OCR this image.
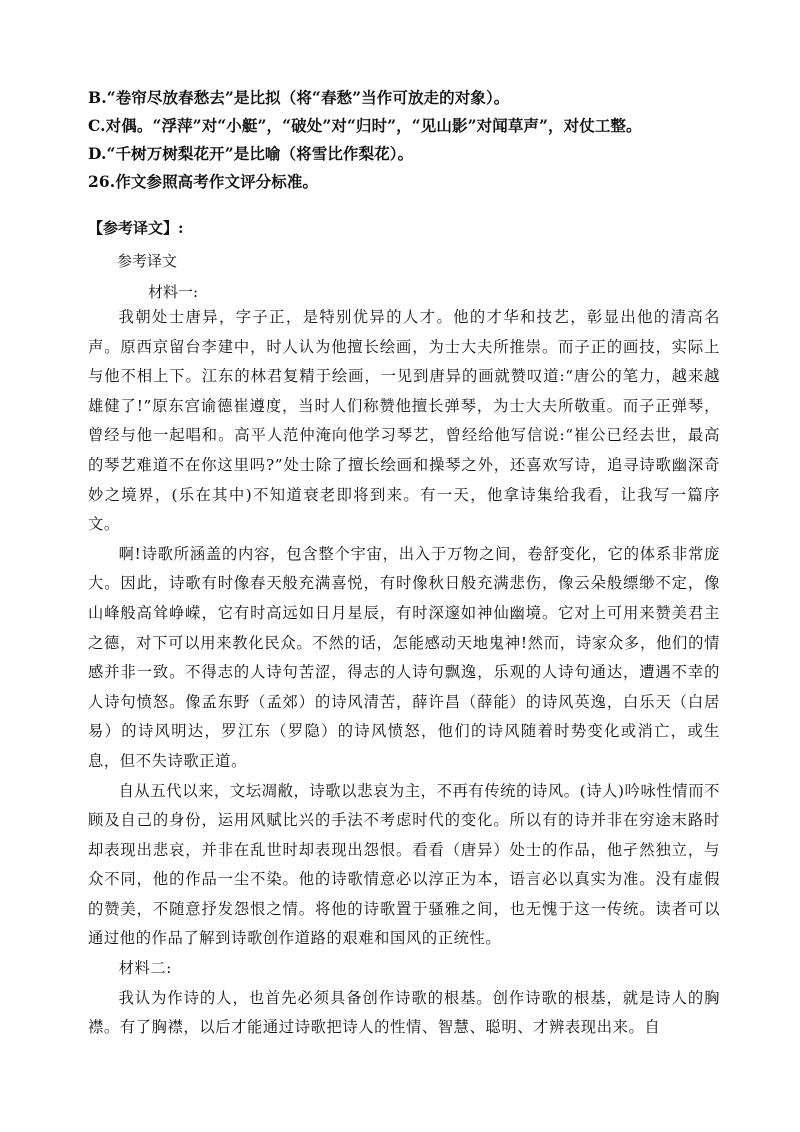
B.“卷帘尽放春愁去”是比拟（将“春愁”当作可放走的对象）。
C.对偶。“浮萍”对“小艇”，“破处”对“归时”，“见山影”对闻草声”，对仗工整。
D.“千树万树梨花开”是比喻（将雪比作梨花）。
26.作文参照高考作文评分标准。
【参考译文】:
参考译文
材料一:

我朝处士唐异，字子正，是特别优异的人才。他的才华和技艺，彰显出他的清高名声。原西京留台李建中，时人认为他擅长绘画，为士大夫所推崇。而子正的画技，实际上与他不相上下。江东的林君复精于绘画，一见到唐异的画就赞叹道:“唐公的笔力，越来越雄健了!”原东宫谕德崔遵度，当时人们称赞他擅长弹琴，为士大夫所敬重。而子正弹琴，曾经与他一起唱和。高平人范仲淹向他学习琴艺，曾经给他写信说:“崔公已经去世，最高的琴艺难道不在你这里吗?”处士除了擅长绘画和操琴之外，还喜欢写诗，追寻诗歌幽深奇妙之境界，(乐在其中)不知道衰老即将到来。有一天，他拿诗集给我看，让我写一篇序文。

啊!诗歌所涵盖的内容，包含整个宇宙，出入于万物之间，卷舒变化，它的体系非常庞大。因此，诗歌有时像春天般充满喜悦，有时像秋日般充满悲伤，像云朵般缥缈不定，像山峰般高耸峥嵘，它有时高远如日月星辰，有时深邃如神仙幽境。它对上可用来赞美君主之德，对下可以用来教化民众。不然的话，怎能感动天地鬼神!然而，诗家众多，他们的情感并非一致。不得志的人诗句苦涩，得志的人诗句飘逸，乐观的人诗句通达，遭遇不幸的人诗句愤怒。像孟东野（孟郊）的诗风清苦，薛许昌（薛能）的诗风英逸，白乐天（白居易）的诗风明达，罗江东（罗隐）的诗风愤怒，他们的诗风随着时势变化或消亡，或生息，但不失诗歌正道。

自从五代以来，文坛凋敝，诗歌以悲哀为主，不再有传统的诗风。(诗人)吟咏性情而不顾及自己的身份，运用风赋比兴的手法不考虑时代的变化。所以有的诗并非在穷途末路时却表现出悲哀，并非在乱世时却表现出怨恨。看看（唐异）处士的作品，他孑然独立，与众不同，他的作品一尘不染。他的诗歌情意必以淳正为本，语言必以真实为准。没有虚假的赞美，不随意抒发怨恨之情。将他的诗歌置于骚雅之间，也无愧于这一传统。读者可以通过他的作品了解到诗歌创作道路的艰难和国风的正统性。

材料二:

我认为作诗的人，也首先必须具备创作诗歌的根基。创作诗歌的根基，就是诗人的胸襟。有了胸襟，以后才能通过诗歌把诗人的性情、智慧、聪明、才辨表现出来。自
